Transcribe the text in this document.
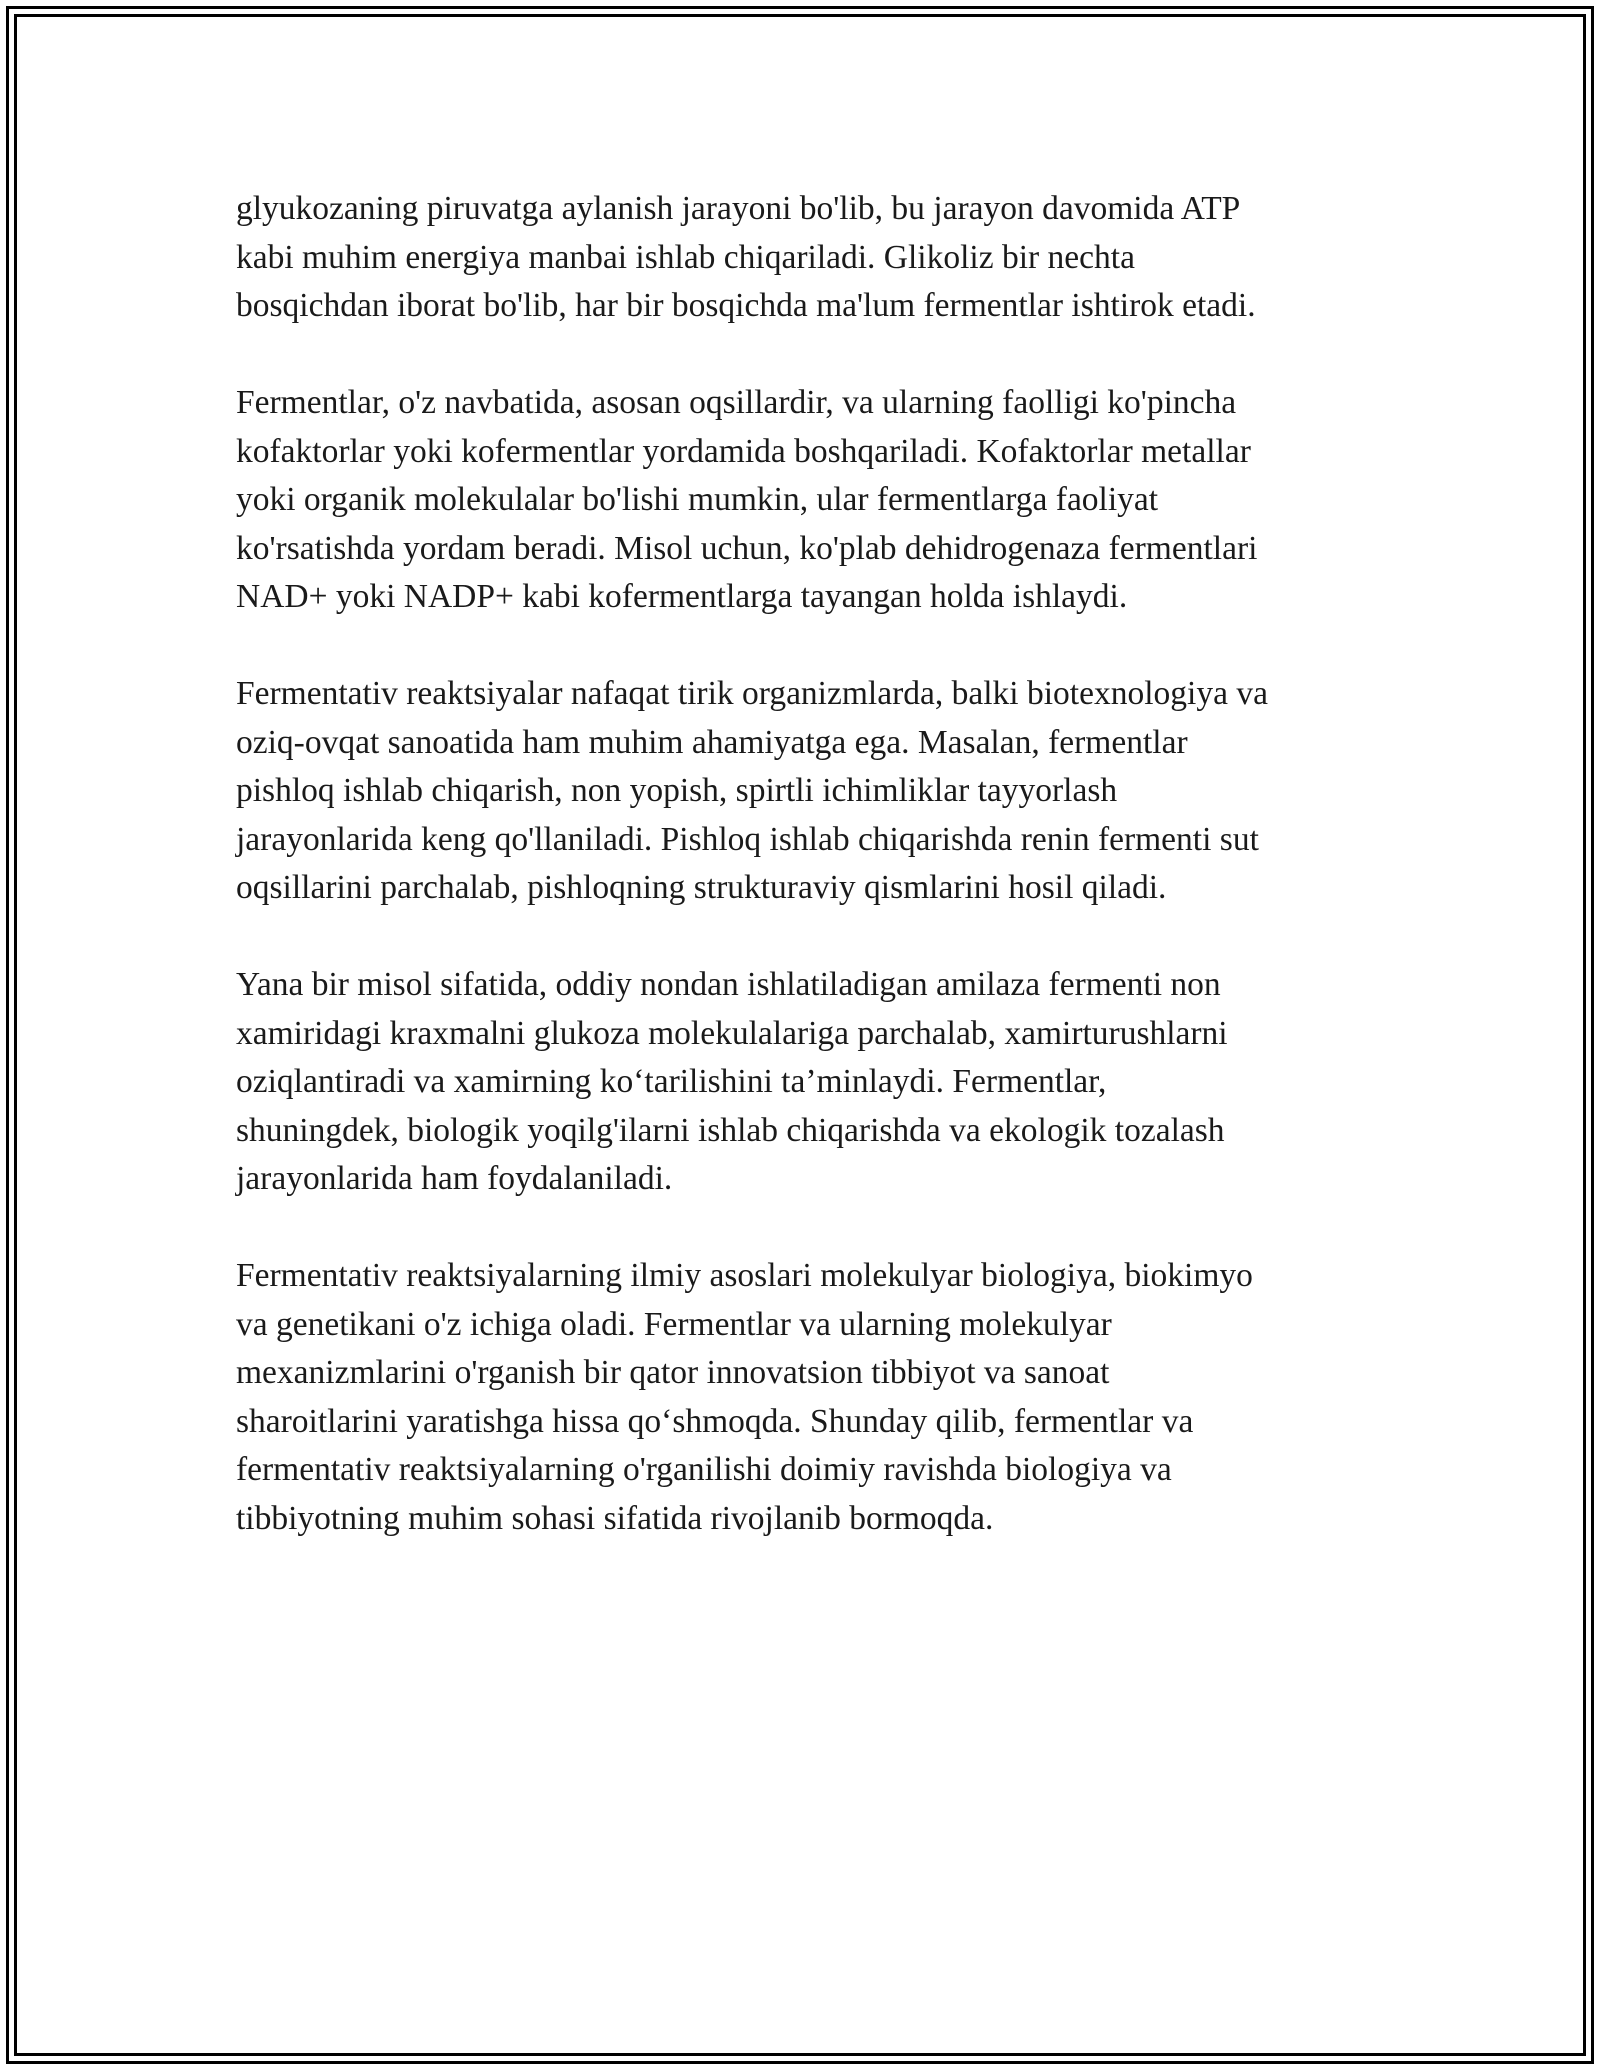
glyukozaning piruvatga aylanish jarayoni bo'lib, bu jarayon davomida ATP
kabi muhim energiya manbai ishlab chiqariladi. Glikoliz bir nechta
bosqichdan iborat bo'lib, har bir bosqichda ma'lum fermentlar ishtirok etadi.

Fermentlar, o'z navbatida, asosan oqsillardir, va ularning faolligi ko'pincha
kofaktorlar yoki kofermentlar yordamida boshqariladi. Kofaktorlar metallar
yoki organik molekulalar bo'lishi mumkin, ular fermentlarga faoliyat
ko'rsatishda yordam beradi. Misol uchun, ko'plab dehidrogenaza fermentlari
NAD+ yoki NADP+ kabi kofermentlarga tayangan holda ishlaydi.

Fermentativ reaktsiyalar nafaqat tirik organizmlarda, balki biotexnologiya va
oziq-ovqat sanoatida ham muhim ahamiyatga ega. Masalan, fermentlar
pishloq ishlab chiqarish, non yopish, spirtli ichimliklar tayyorlash
jarayonlarida keng qo'llaniladi. Pishloq ishlab chiqarishda renin fermenti sut
oqsillarini parchalab, pishloqning strukturaviy qismlarini hosil qiladi.

Yana bir misol sifatida, oddiy nondan ishlatiladigan amilaza fermenti non
xamiridagi kraxmalni glukoza molekulalariga parchalab, xamirturushlarni
oziqlantiradi va xamirning ko‘tarilishini ta’minlaydi. Fermentlar,
shuningdek, biologik yoqilg'ilarni ishlab chiqarishda va ekologik tozalash
jarayonlarida ham foydalaniladi.

Fermentativ reaktsiyalarning ilmiy asoslari molekulyar biologiya, biokimyo
va genetikani o'z ichiga oladi. Fermentlar va ularning molekulyar
mexanizmlarini o'rganish bir qator innovatsion tibbiyot va sanoat
sharoitlarini yaratishga hissa qo‘shmoqda. Shunday qilib, fermentlar va
fermentativ reaktsiyalarning o'rganilishi doimiy ravishda biologiya va
tibbiyotning muhim sohasi sifatida rivojlanib bormoqda.
